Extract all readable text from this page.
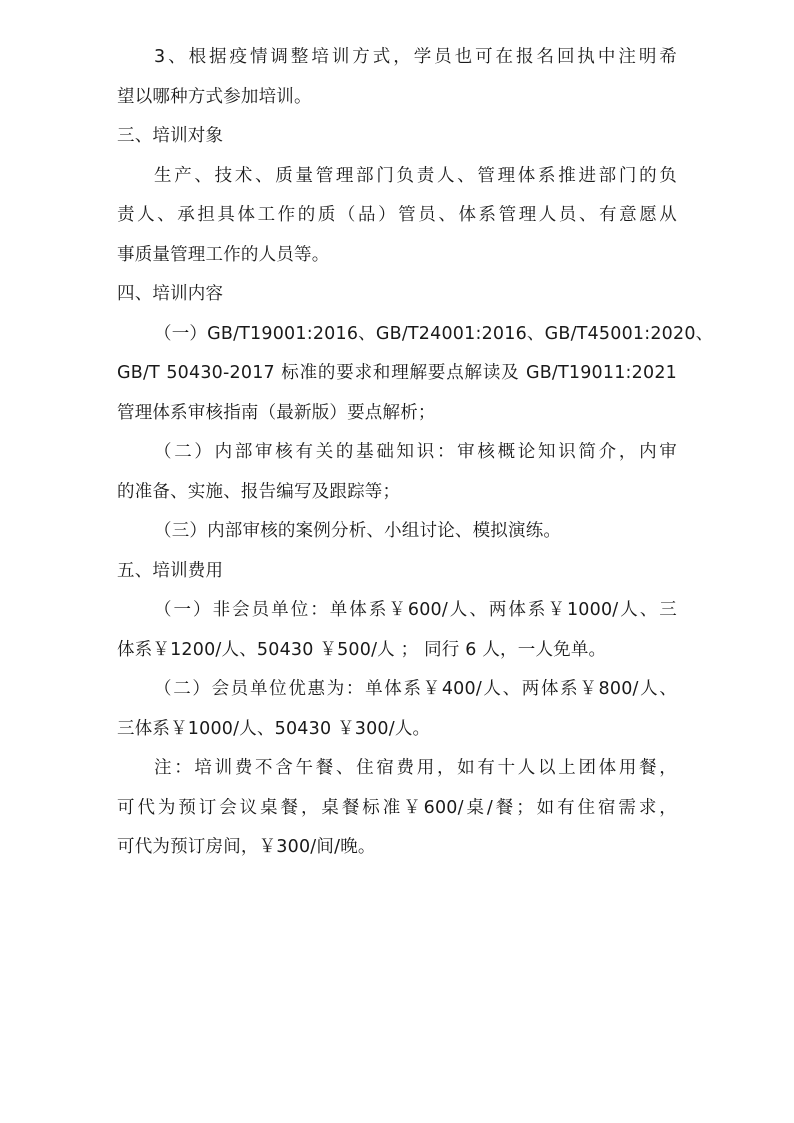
3、根据疫情调整培训方式，学员也可在报名回执中注明希
望以哪种方式参加培训。
三、培训对象
生产、技术、质量管理部门负责人、管理体系推进部门的负
责人、承担具体工作的质（品）管员、体系管理人员、有意愿从
事质量管理工作的人员等。
四、培训内容
（一）GB/T19001:2016、GB/T24001:2016、GB/T45001:2020、
GB/T 50430-2017 标准的要求和理解要点解读及 GB/T19011:2021
管理体系审核指南（最新版）要点解析；
（二）内部审核有关的基础知识：审核概论知识简介，内审
的准备、实施、报告编写及跟踪等；
（三）内部审核的案例分析、小组讨论、模拟演练。
五、培训费用
（一）非会员单位：单体系￥600/人、两体系￥1000/人、三
体系￥1200/人、50430 ￥500/人 ； 同行 6 人，一人免单。
（二）会员单位优惠为：单体系￥400/人、两体系￥800/人、
三体系￥1000/人、50430 ￥300/人。
注：培训费不含午餐、住宿费用，如有十人以上团体用餐，
可代为预订会议桌餐，桌餐标准￥600/桌/餐；如有住宿需求，
可代为预订房间，￥300/间/晚。
